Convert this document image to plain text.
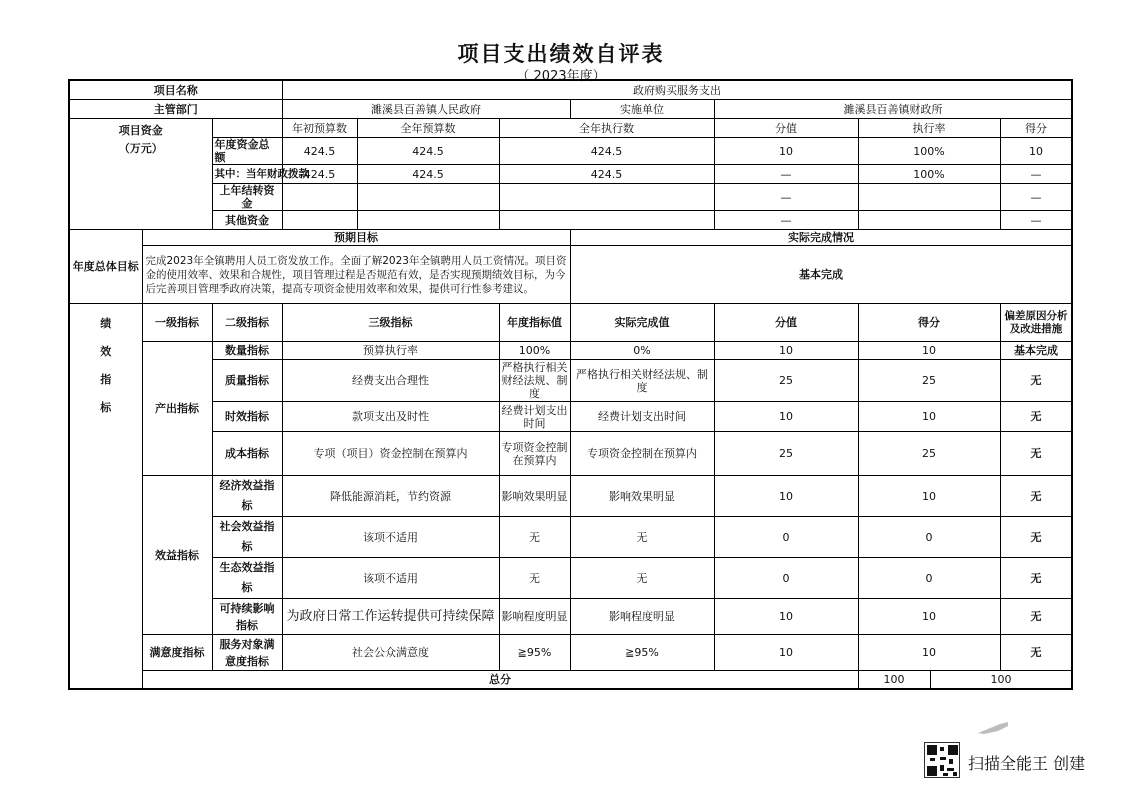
项目支出绩效自评表
（ 2023年度）
项目名称			政府购买服务支出								
主管部门			濉溪县百善镇人民政府			实施单位	濉溪县百善镇财政所				

项目资金
（万元）			年初预算数	全年预算数	全年执行数		分值	执行率		得分	
		年度资金总额	424.5	424.5	424.5		10	100%		10	
		其中：当年财政拨款	424.5	424.5	424.5		—	100%		—	
		上年结转资金					—			—	
		其他资金					—			—	
年度总体目标	预期目标					实际完成情况					
	完成2023年全镇聘用人员工资发放工作。全面了解2023年全镇聘用人员工资情况。项目资金的使用效率、效果和合规性，项目管理过程是否规范有效，是否实现预期绩效目标，为今后完善项目管理季政府决策，提高专项资金使用效率和效果，提供可行性参考建议。					基本完成					

绩
效
指
标	一级指标	二级指标	三级指标		年度指标值	实际完成值	分值	得分		偏差原因分析及改进措施	
	产出指标	数量指标	预算执行率		100%	0%	10	10		基本完成	
		质量指标	经费支出合理性		严格执行相关财经法规、制度	严格执行相关财经法规、制度	25	25		无	
		时效指标	款项支出及时性		经费计划支出时间	经费计划支出时间	10	10		无	
		成本指标	专项（项目）资金控制在预算内		专项资金控制在预算内	专项资金控制在预算内	25	25		无	
	效益指标	经济效益指标	降低能源消耗，节约资源		影响效果明显	影响效果明显	10	10		无	
		社会效益指标	该项不适用		无	无	0	0		无	
		生态效益指标	该项不适用		无	无	0	0		无	
		可持续影响指标	为政府日常工作运转提供可持续保障		影响程度明显	影响程度明显	10	10		无	
	满意度指标	服务对象满意度指标	社会公众满意度		≧95%	≧95%	10	10		无	
	总分							100	100		
扫描全能王 创建
